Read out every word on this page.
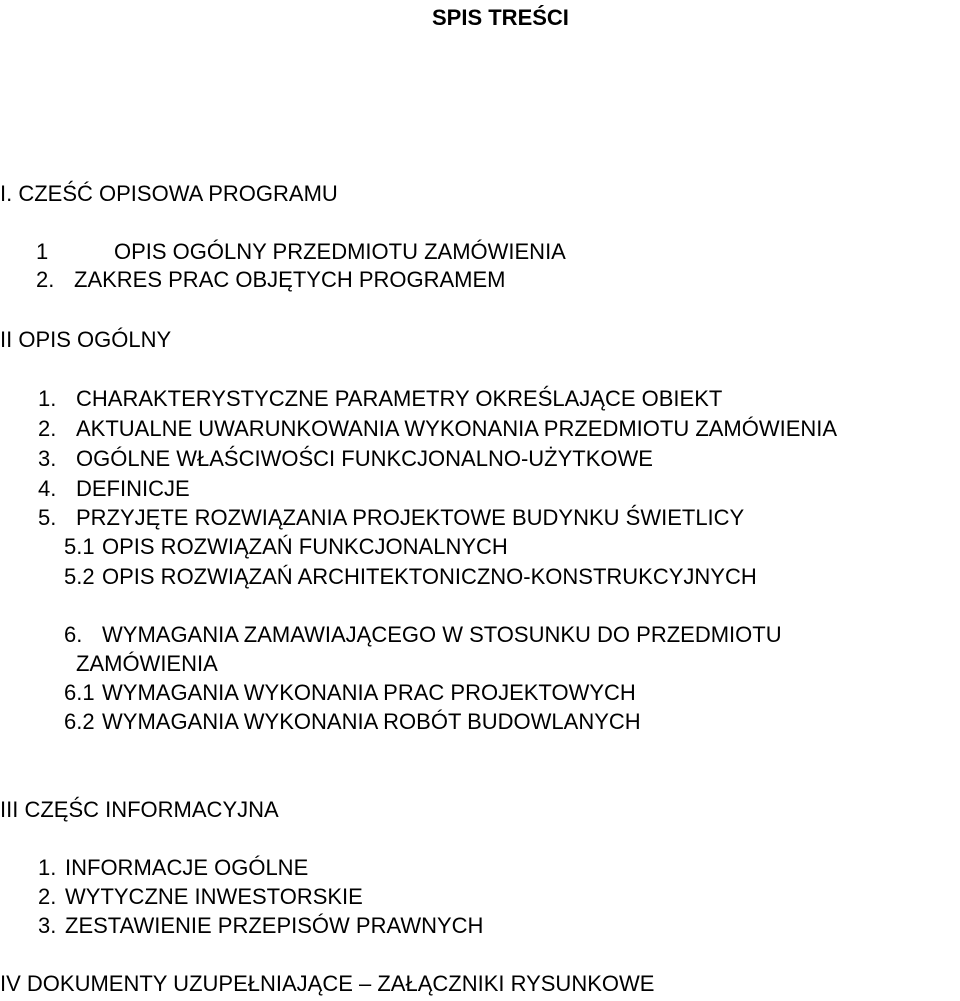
SPIS TREŚCI
I. CZEŚĆ OPISOWA PROGRAMU
1	OPIS OGÓLNY PRZEDMIOTU ZAMÓWIENIA
2. ZAKRES PRAC OBJĘTYCH PROGRAMEM
II OPIS OGÓLNY
1. CHARAKTERYSTYCZNE PARAMETRY OKREŚLAJĄCE OBIEKT
2. AKTUALNE UWARUNKOWANIA WYKONANIA PRZEDMIOTU ZAMÓWIENIA
3. OGÓLNE WŁAŚCIWOŚCI FUNKCJONALNO-UŻYTKOWE
4. DEFINICJE
5. PRZYJĘTE ROZWIĄZANIA PROJEKTOWE BUDYNKU ŚWIETLICY
5.1 OPIS ROZWIĄZAŃ FUNKCJONALNYCH
5.2 OPIS ROZWIĄZAŃ ARCHITEKTONICZNO-KONSTRUKCYJNYCH
6. WYMAGANIA ZAMAWIAJĄCEGO W STOSUNKU DO PRZEDMIOTU
ZAMÓWIENIA
6.1 WYMAGANIA WYKONANIA PRAC PROJEKTOWYCH
6.2 WYMAGANIA WYKONANIA ROBÓT BUDOWLANYCH
III CZĘŚC INFORMACYJNA
1. INFORMACJE OGÓLNE
2. WYTYCZNE INWESTORSKIE
3. ZESTAWIENIE PRZEPISÓW PRAWNYCH
IV DOKUMENTY UZUPEŁNIAJĄCE – ZAŁĄCZNIKI RYSUNKOWE
